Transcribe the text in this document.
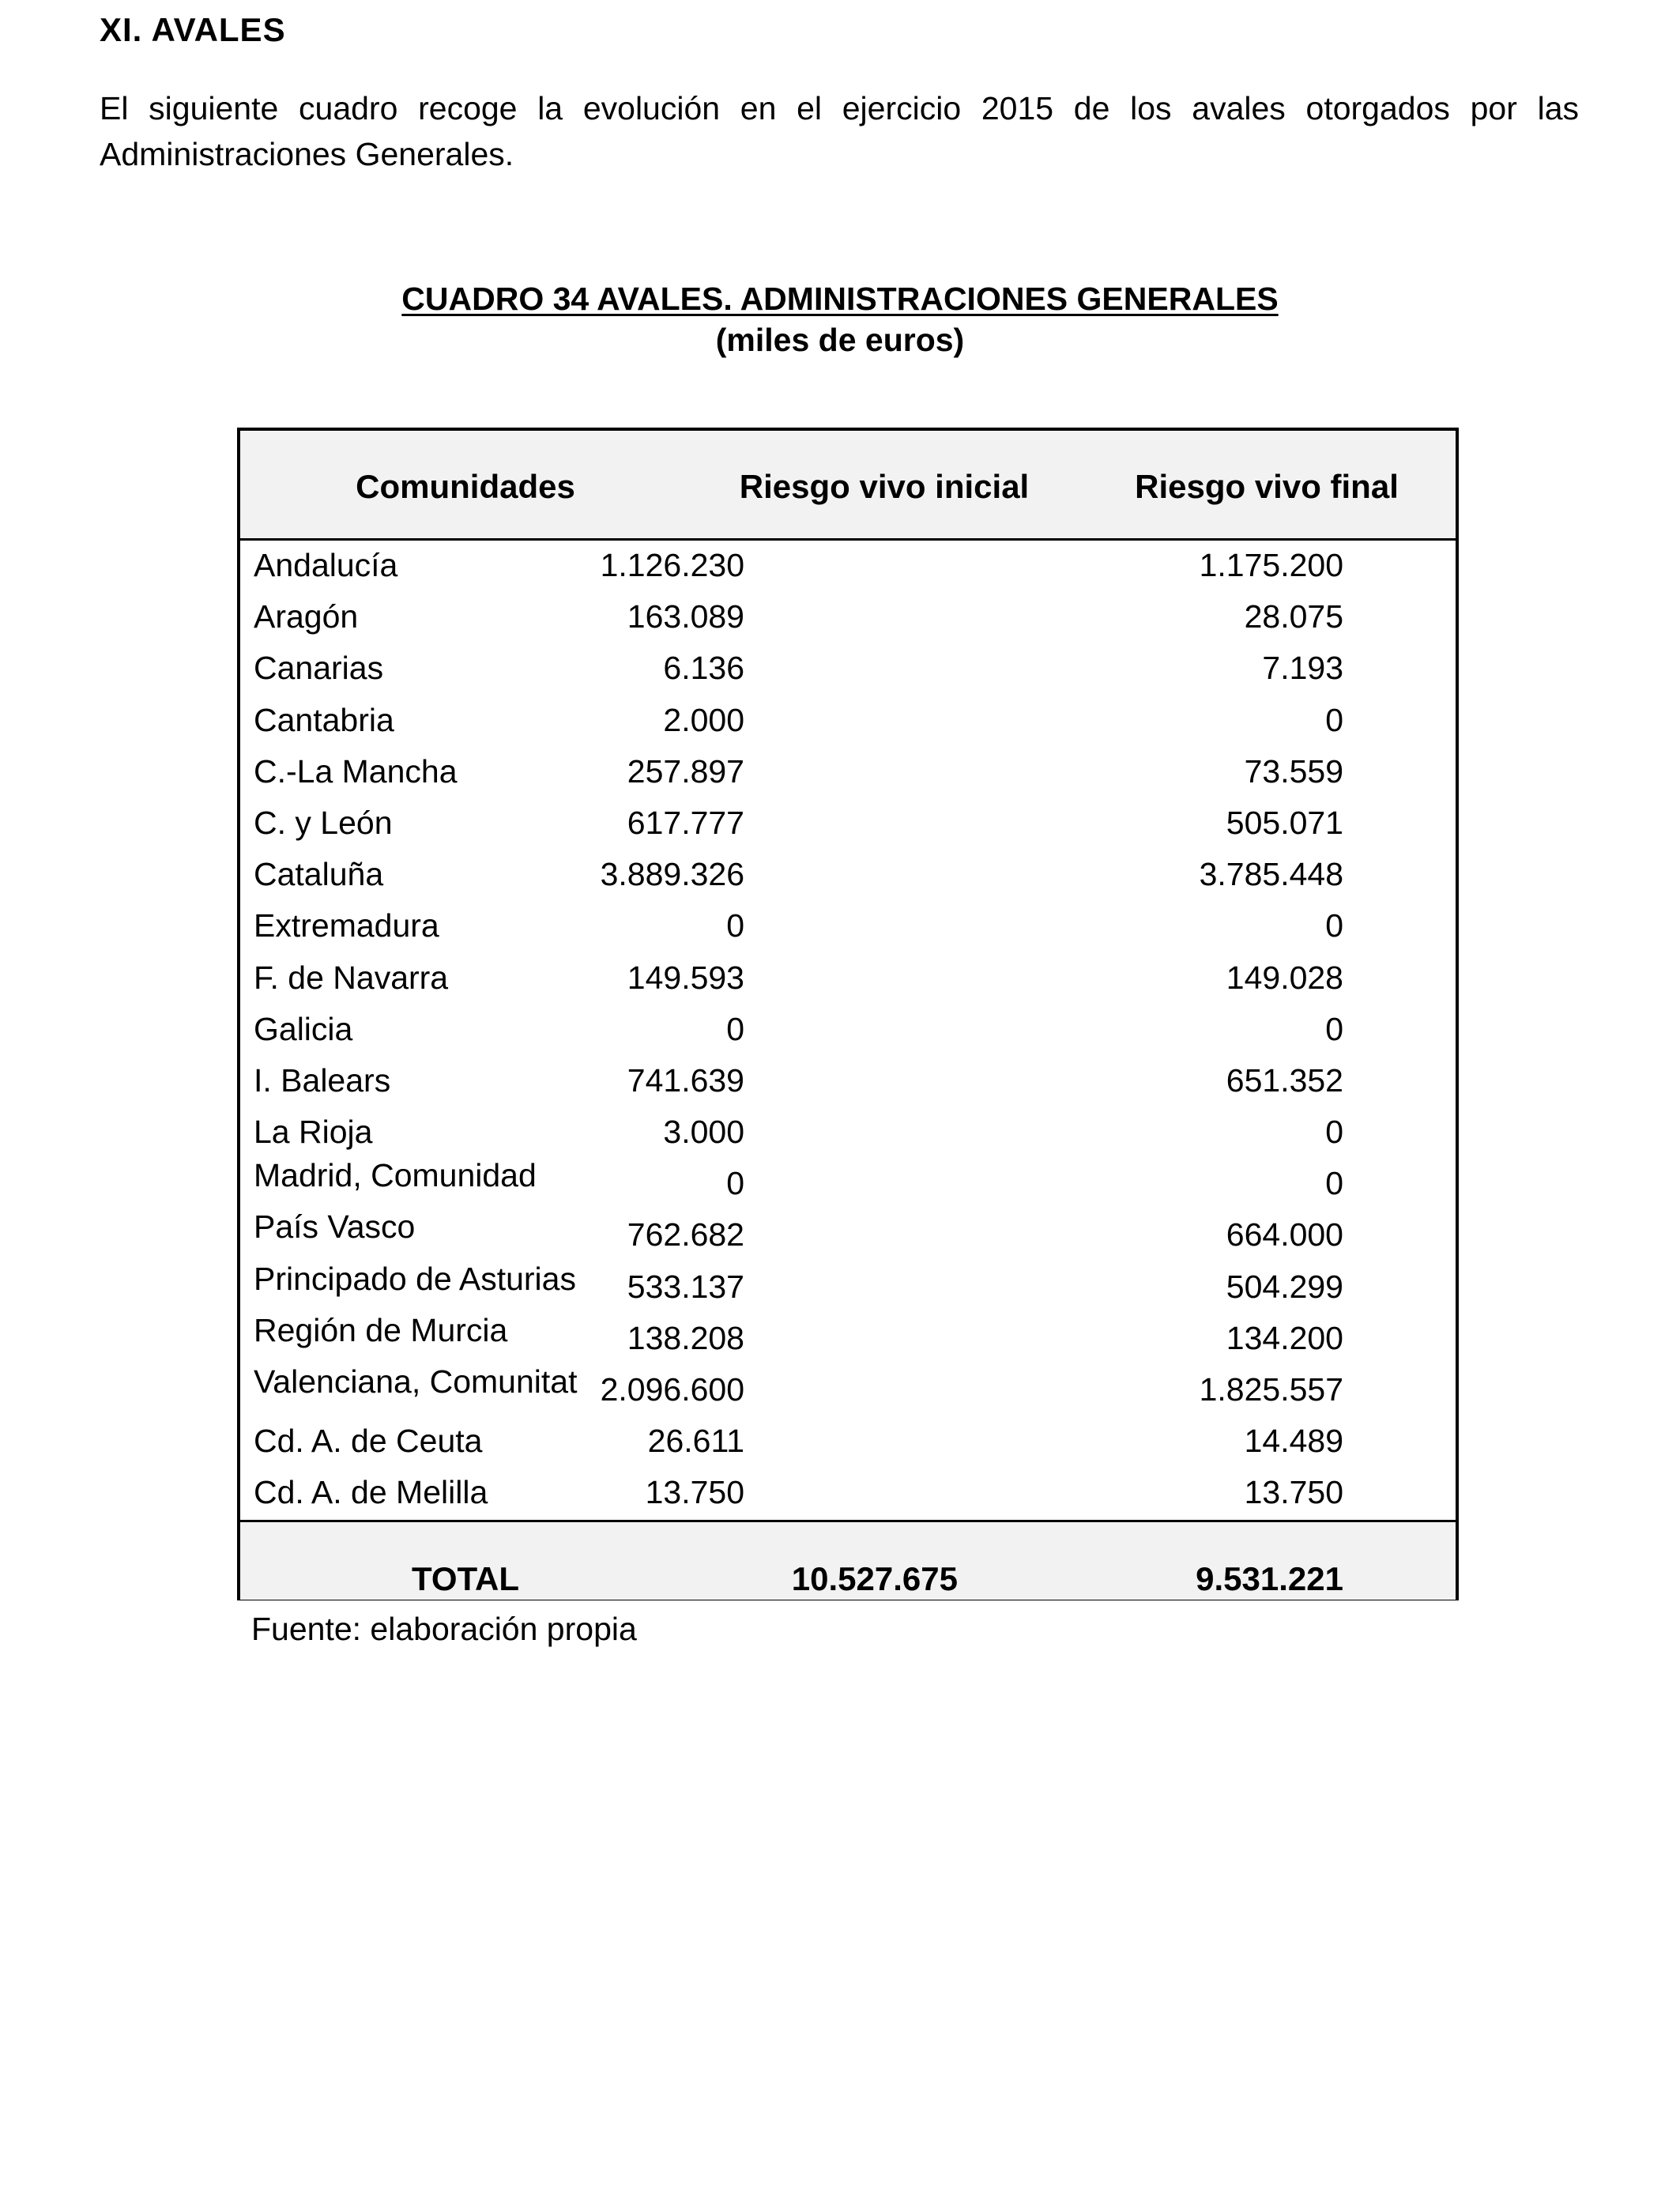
XI. AVALES

El siguiente cuadro recoge la evolución en el ejercicio 2015 de los avales otorgados por las Administraciones Generales.

CUADRO 34 AVALES. ADMINISTRACIONES GENERALES
(miles de euros)
Comunidades	Riesgo vivo inicial	Riesgo vivo final
Andalucía	1.126.230	1.175.200
Aragón	163.089	28.075
Canarias	6.136	7.193
Cantabria	2.000	0
C.-La Mancha	257.897	73.559
C. y León	617.777	505.071
Cataluña	3.889.326	3.785.448
Extremadura	0	0
F. de Navarra	149.593	149.028
Galicia	0	0
I. Balears	741.639	651.352
La Rioja	3.000	0
Madrid, Comunidad	0	0
País Vasco	762.682	664.000
Principado de Asturias	533.137	504.299
Región de Murcia	138.208	134.200
Valenciana, Comunitat 2.096.600	1.825.557
Cd. A. de Ceuta	26.611	14.489
Cd. A. de Melilla	13.750	13.750
TOTAL	10.527.675	9.531.221

Fuente: elaboración propia
